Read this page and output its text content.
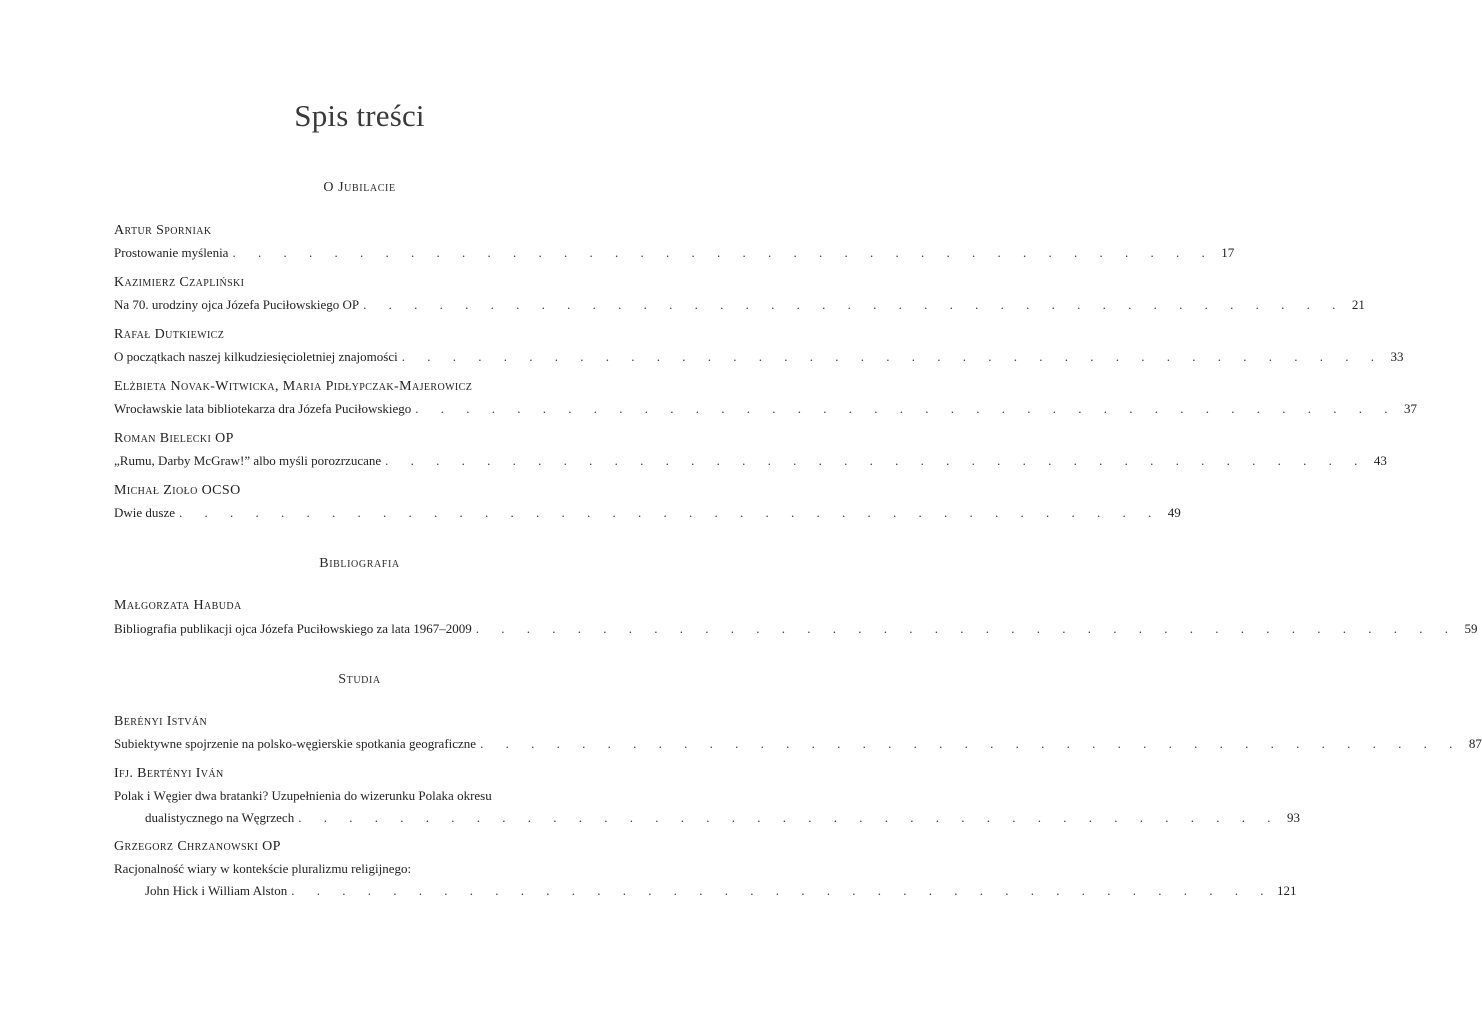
Spis treści
O Jubilacie
Artur Sporniak
Prostowanie myślenia . . . . . . . . . . . . . . . . . . . . . . . . . . . . . . . . . . . . . . . 17
Kazimierz Czapliński
Na 70. urodziny ojca Józefa Puciłowskiego OP . . . . . . . . . . . . . . . . . . . . . . . . . . . . . . . . . . . . . . . 21
Rafał Dutkiewicz
O początkach naszej kilkudziesięcioletniej znajomości . . . . . . . . . . . . . . . . . . . . . . . . . . . . . . . . . . . . . . . 33
Elżbieta Novak-Witwicka, Maria Pidłypczak-Majerowicz
Wrocławskie lata bibliotekarza dra Józefa Puciłowskiego . . . . . . . . . . . . . . . . . . . . . . . . . . . . . . . . . . . . . . . 37
Roman Bielecki OP
„Rumu, Darby McGraw!” albo myśli porozrzucane . . . . . . . . . . . . . . . . . . . . . . . . . . . . . . . . . . . . . . . 43
Michał Zioło OCSO
Dwie dusze . . . . . . . . . . . . . . . . . . . . . . . . . . . . . . . . . . . . . . . 49
Bibliografia
Małgorzata Habuda
Bibliografia publikacji ojca Józefa Puciłowskiego za lata 1967–2009 . . . . . . . . . . . . . . . . . . . . . . . . . . . . . . . . . . . . . . . 59
Studia
Berényi István
Subiektywne spojrzenie na polsko-węgierskie spotkania geograficzne . . . . . . . . . . . . . . . . . . . . . . . . . . . . . . . . . . . . . . . 87
Ifj. Bertényi Iván
Polak i Węgier dwa bratanki? Uzupełnienia do wizerunku Polaka okresu
dualistycznego na Węgrzech . . . . . . . . . . . . . . . . . . . . . . . . . . . . . . . . . . . . . . . 93
Grzegorz Chrzanowski OP
Racjonalność wiary w kontekście pluralizmu religijnego:
John Hick i William Alston . . . . . . . . . . . . . . . . . . . . . . . . . . . . . . . . . . . . . . . 121
